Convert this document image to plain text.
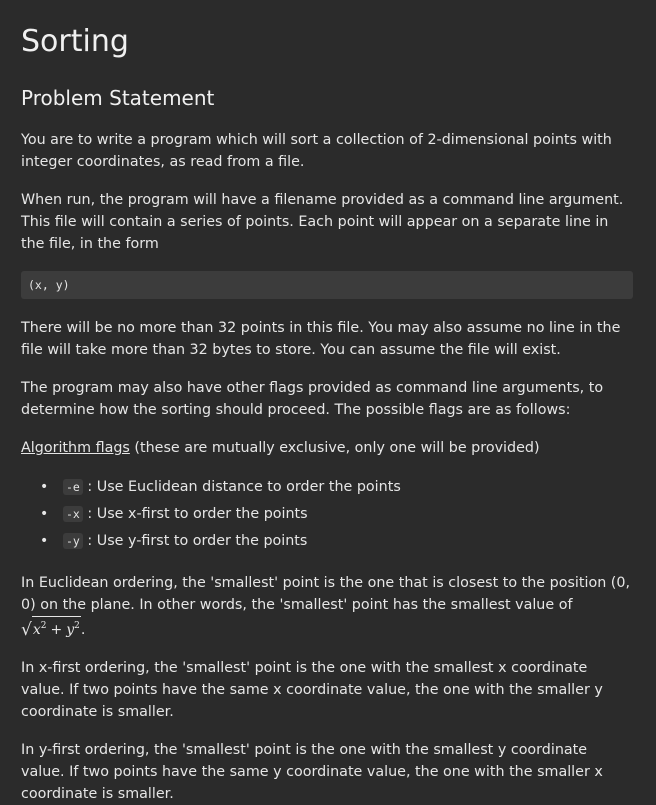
Sorting
Problem Statement

You are to write a program which will sort a collection of 2-dimensional points with integer coordinates, as read from a file.

When run, the program will have a filename provided as a command line argument. This file will contain a series of points. Each point will appear on a separate line in the file, in the form

(x, y)

There will be no more than 32 points in this file. You may also assume no line in the file will take more than 32 bytes to store. You can assume the file will exist.

The program may also have other flags provided as command line arguments, to determine how the sorting should proceed. The possible flags are as follows:

Algorithm flags (these are mutually exclusive, only one will be provided)

• -e : Use Euclidean distance to order the points
• -x : Use x-first to order the points
• -y : Use y-first to order the points

In Euclidean ordering, the 'smallest' point is the one that is closest to the position (0, 0) on the plane. In other words, the 'smallest' point has the smallest value of $√x^2 + y^2$.

In x-first ordering, the 'smallest' point is the one with the smallest x coordinate value. If two points have the same x coordinate value, the one with the smaller y coordinate is smaller.

In y-first ordering, the 'smallest' point is the one with the smallest y coordinate value. If two points have the same y coordinate value, the one with the smaller x coordinate is smaller.
